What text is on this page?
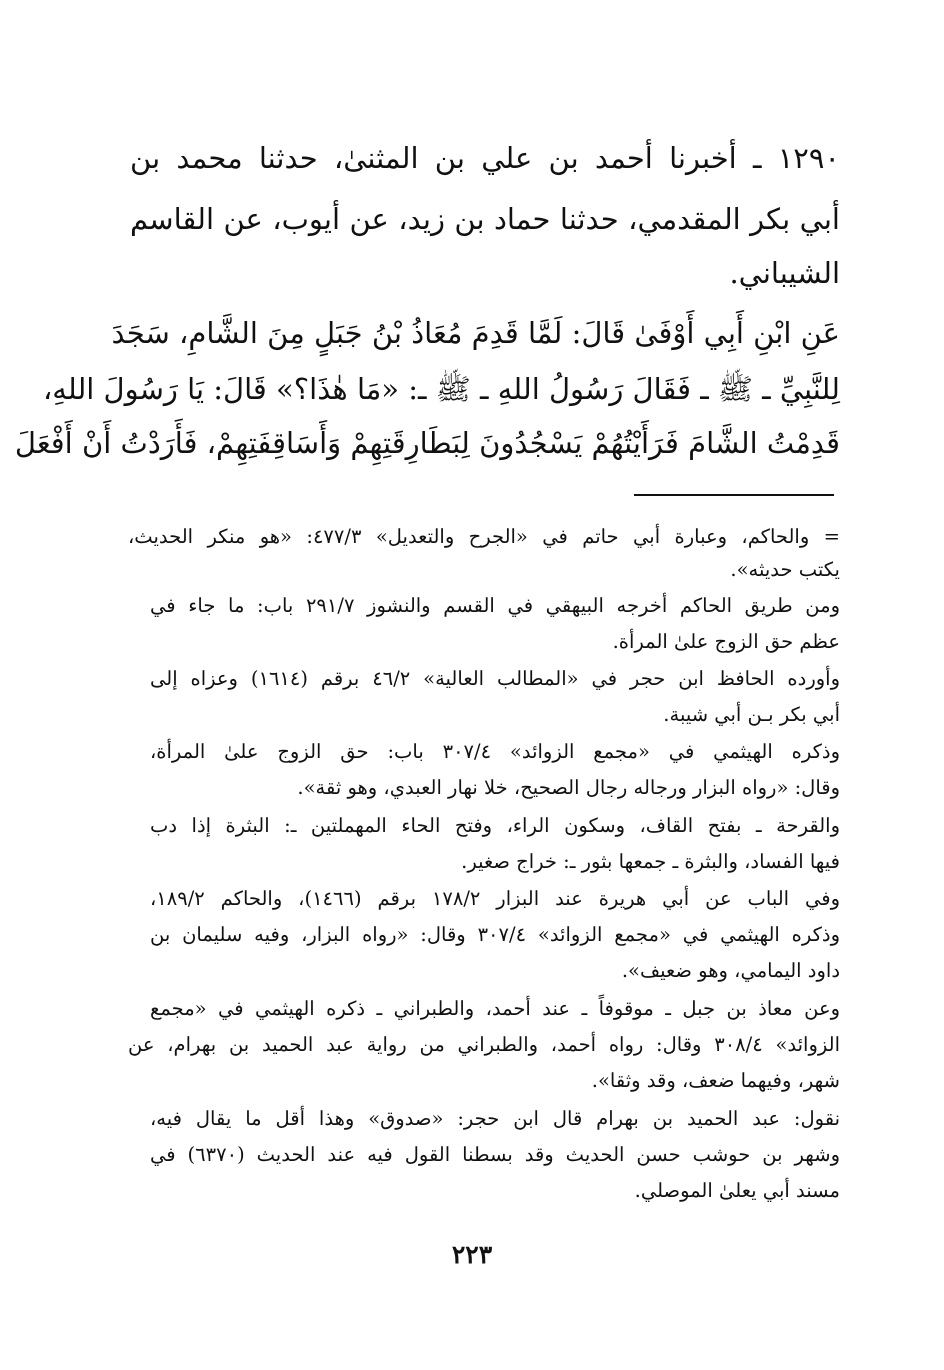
١٢٩٠ ـ أخبرنا أحمد بن علي بن المثنىٰ، حدثنا محمد بن
أبي بكر المقدمي، حدثنا حماد بن زيد، عن أيوب، عن القاسم
الشيباني.
عَنِ ابْنِ أَبِي أَوْفَىٰ قَالَ: لَمَّا قَدِمَ مُعَاذُ بْنُ جَبَلٍ مِنَ الشَّامِ، سَجَدَ
لِلنَّبِيِّ ـ ﷺ ـ فَقَالَ رَسُولُ اللهِ ـ ﷺ ـ: «مَا هٰذَا؟» قَالَ: يَا رَسُولَ اللهِ،
قَدِمْتُ الشَّامَ فَرَأَيْتُهُمْ يَسْجُدُونَ لِبَطَارِقَتِهِمْ وَأَسَاقِفَتِهِمْ، فَأَرَدْتُ أَنْ أَفْعَلَ
= والحاكم، وعبارة أبي حاتم في «الجرح والتعديل» ٤٧٧/٣: «هو منكر الحديث،
يكتب حديثه».
ومن طريق الحاكم أخرجه البيهقي في القسم والنشوز ٢٩١/٧ باب: ما جاء في
عظم حق الزوج علىٰ المرأة.
وأورده الحافظ ابن حجر في «المطالب العالية» ٤٦/٢ برقم (١٦١٤) وعزاه إلى
أبي بكر بـن أبي شيبة.
وذكره الهيثمي في «مجمع الزوائد» ٣٠٧/٤ باب: حق الزوج علىٰ المرأة،
وقال: «رواه البزار ورجاله رجال الصحيح، خلا نهار العبدي، وهو ثقة».
والقرحة ـ بفتح القاف، وسكون الراء، وفتح الحاء المهملتين ـ: البثرة إذا دب
فيها الفساد، والبثرة ـ جمعها بثور ـ: خراج صغير.
وفي الباب عن أبي هريرة عند البزار ١٧٨/٢ برقم (١٤٦٦)، والحاكم ١٨٩/٢،
وذكره الهيثمي في «مجمع الزوائد» ٣٠٧/٤ وقال: «رواه البزار، وفيه سليمان بن
داود اليمامي، وهو ضعيف».
وعن معاذ بن جبل ـ موقوفاً ـ عند أحمد، والطبراني ـ ذكره الهيثمي في «مجمع
الزوائد» ٣٠٨/٤ وقال: رواه أحمد، والطبراني من رواية عبد الحميد بن بهرام، عن
شهر، وفيهما ضعف، وقد وثقا».
نقول: عبد الحميد بن بهرام قال ابن حجر: «صدوق» وهذا أقل ما يقال فيه،
وشهر بن حوشب حسن الحديث وقد بسطنا القول فيه عند الحديث (٦٣٧٠) في
مسند أبي يعلىٰ الموصلي.
٢٢٣
